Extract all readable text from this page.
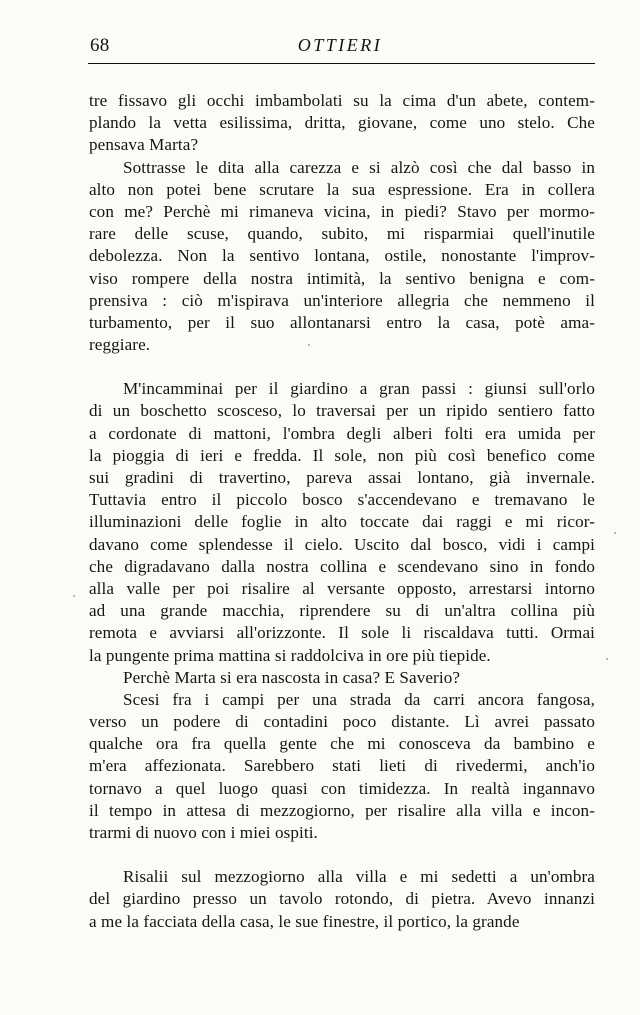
68	OTTIERI
tre fissavo gli occhi imbambolati su la cima d'un abete, contem-
plando la vetta esilissima, dritta, giovane, come uno stelo. Che
pensava Marta?
Sottrasse le dita alla carezza e si alzò così che dal basso in
alto non potei bene scrutare la sua espressione. Era in collera
con me? Perchè mi rimaneva vicina, in piedi? Stavo per mormo-
rare delle scuse, quando, subito, mi risparmiai quell'inutile
debolezza. Non la sentivo lontana, ostile, nonostante l'improv-
viso rompere della nostra intimità, la sentivo benigna e com-
prensiva : ciò m'ispirava un'interiore allegria che nemmeno il
turbamento, per il suo allontanarsi entro la casa, potè ama-
reggiare.
M'incamminai per il giardino a gran passi : giunsi sull'orlo
di un boschetto scosceso, lo traversai per un ripido sentiero fatto
a cordonate di mattoni, l'ombra degli alberi folti era umida per
la pioggia di ieri e fredda. Il sole, non più così benefico come
sui gradini di travertino, pareva assai lontano, già invernale.
Tuttavia entro il piccolo bosco s'accendevano e tremavano le
illuminazioni delle foglie in alto toccate dai raggi e mi ricor-
davano come splendesse il cielo. Uscito dal bosco, vidi i campi
che digradavano dalla nostra collina e scendevano sino in fondo
alla valle per poi risalire al versante opposto, arrestarsi intorno
ad una grande macchia, riprendere su di un'altra collina più
remota e avviarsi all'orizzonte. Il sole li riscaldava tutti. Ormai
la pungente prima mattina si raddolciva in ore più tiepide.
Perchè Marta si era nascosta in casa? E Saverio?
Scesi fra i campi per una strada da carri ancora fangosa,
verso un podere di contadini poco distante. Lì avrei passato
qualche ora fra quella gente che mi conosceva da bambino e
m'era affezionata. Sarebbero stati lieti di rivedermi, anch'io
tornavo a quel luogo quasi con timidezza. In realtà ingannavo
il tempo in attesa di mezzogiorno, per risalire alla villa e incon-
trarmi di nuovo con i miei ospiti.
Risalii sul mezzogiorno alla villa e mi sedetti a un'ombra
del giardino presso un tavolo rotondo, di pietra. Avevo innanzi
a me la facciata della casa, le sue finestre, il portico, la grande
